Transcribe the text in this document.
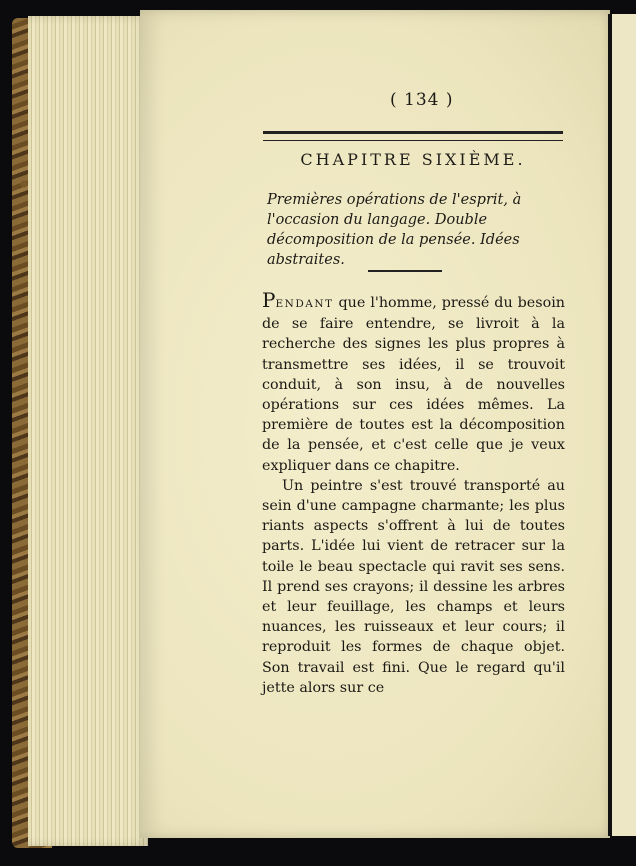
( 134 )
CHAPITRE SIXIÈME.
Premières opérations de l'esprit, à l'occasion du langage. Double décomposition de la pensée. Idées abstraites.

PENDANT que l'homme, pressé du besoin de se faire entendre, se livroit à la recherche des signes les plus propres à transmettre ses idées, il se trouvoit conduit, à son insu, à de nouvelles opérations sur ces idées mêmes. La première de toutes est la décomposition de la pensée, et c'est celle que je veux expliquer dans ce chapitre.

Un peintre s'est trouvé transporté au sein d'une campagne charmante; les plus riants aspects s'offrent à lui de toutes parts. L'idée lui vient de retracer sur la toile le beau spectacle qui ravit ses sens. Il prend ses crayons; il dessine les arbres et leur feuillage, les champs et leurs nuances, les ruisseaux et leur cours; il reproduit les formes de chaque objet. Son travail est fini. Que le regard qu'il jette alors sur ce
